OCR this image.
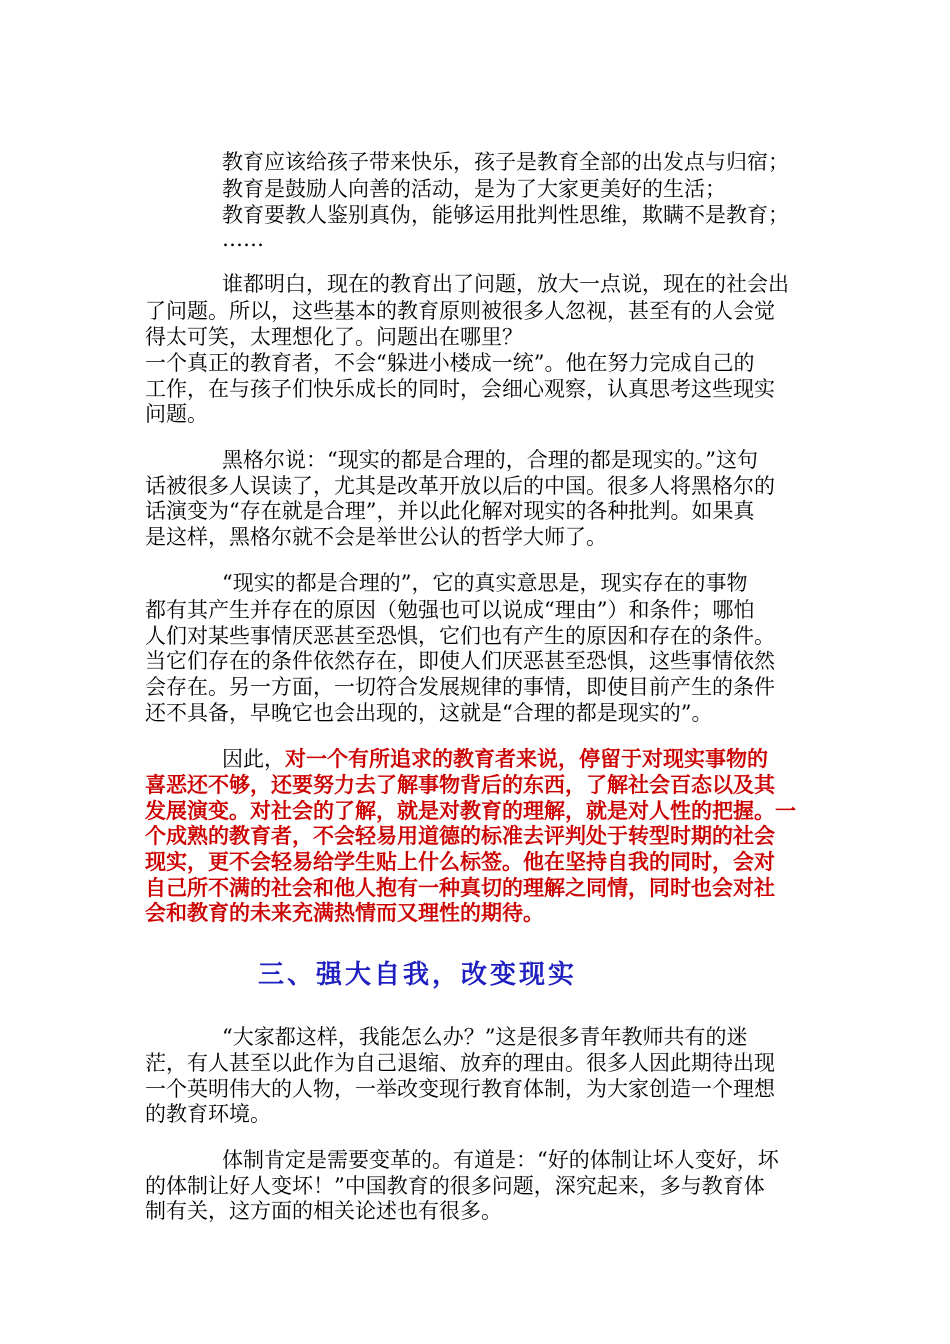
教育应该给孩子带来快乐，孩子是教育全部的出发点与归宿；
教育是鼓励人向善的活动，是为了大家更美好的生活；
教育要教人鉴别真伪，能够运用批判性思维，欺瞒不是教育；
……
谁都明白，现在的教育出了问题，放大一点说，现在的社会出
了问题。所以，这些基本的教育原则被很多人忽视，甚至有的人会觉
得太可笑，太理想化了。问题出在哪里？
一个真正的教育者，不会“躲进小楼成一统”。他在努力完成自己的
工作，在与孩子们快乐成长的同时，会细心观察，认真思考这些现实
问题。
黑格尔说：“现实的都是合理的，合理的都是现实的。”这句
话被很多人误读了，尤其是改革开放以后的中国。很多人将黑格尔的
话演变为“存在就是合理”，并以此化解对现实的各种批判。如果真
是这样，黑格尔就不会是举世公认的哲学大师了。
“现实的都是合理的”，它的真实意思是，现实存在的事物
都有其产生并存在的原因（勉强也可以说成“理由”）和条件；哪怕
人们对某些事情厌恶甚至恐惧，它们也有产生的原因和存在的条件。
当它们存在的条件依然存在，即使人们厌恶甚至恐惧，这些事情依然
会存在。另一方面，一切符合发展规律的事情，即使目前产生的条件
还不具备，早晚它也会出现的，这就是“合理的都是现实的”。
因此，对一个有所追求的教育者来说，停留于对现实事物的
喜恶还不够，还要努力去了解事物背后的东西，了解社会百态以及其
发展演变。对社会的了解，就是对教育的理解，就是对人性的把握。一
个成熟的教育者，不会轻易用道德的标准去评判处于转型时期的社会
现实，更不会轻易给学生贴上什么标签。他在坚持自我的同时，会对
自己所不满的社会和他人抱有一种真切的理解之同情，同时也会对社
会和教育的未来充满热情而又理性的期待。
三、强大自我，改变现实
“大家都这样，我能怎么办？”这是很多青年教师共有的迷
茫，有人甚至以此作为自己退缩、放弃的理由。很多人因此期待出现
一个英明伟大的人物，一举改变现行教育体制，为大家创造一个理想
的教育环境。
体制肯定是需要变革的。有道是：“好的体制让坏人变好，坏
的体制让好人变坏！”中国教育的很多问题，深究起来，多与教育体
制有关，这方面的相关论述也有很多。
